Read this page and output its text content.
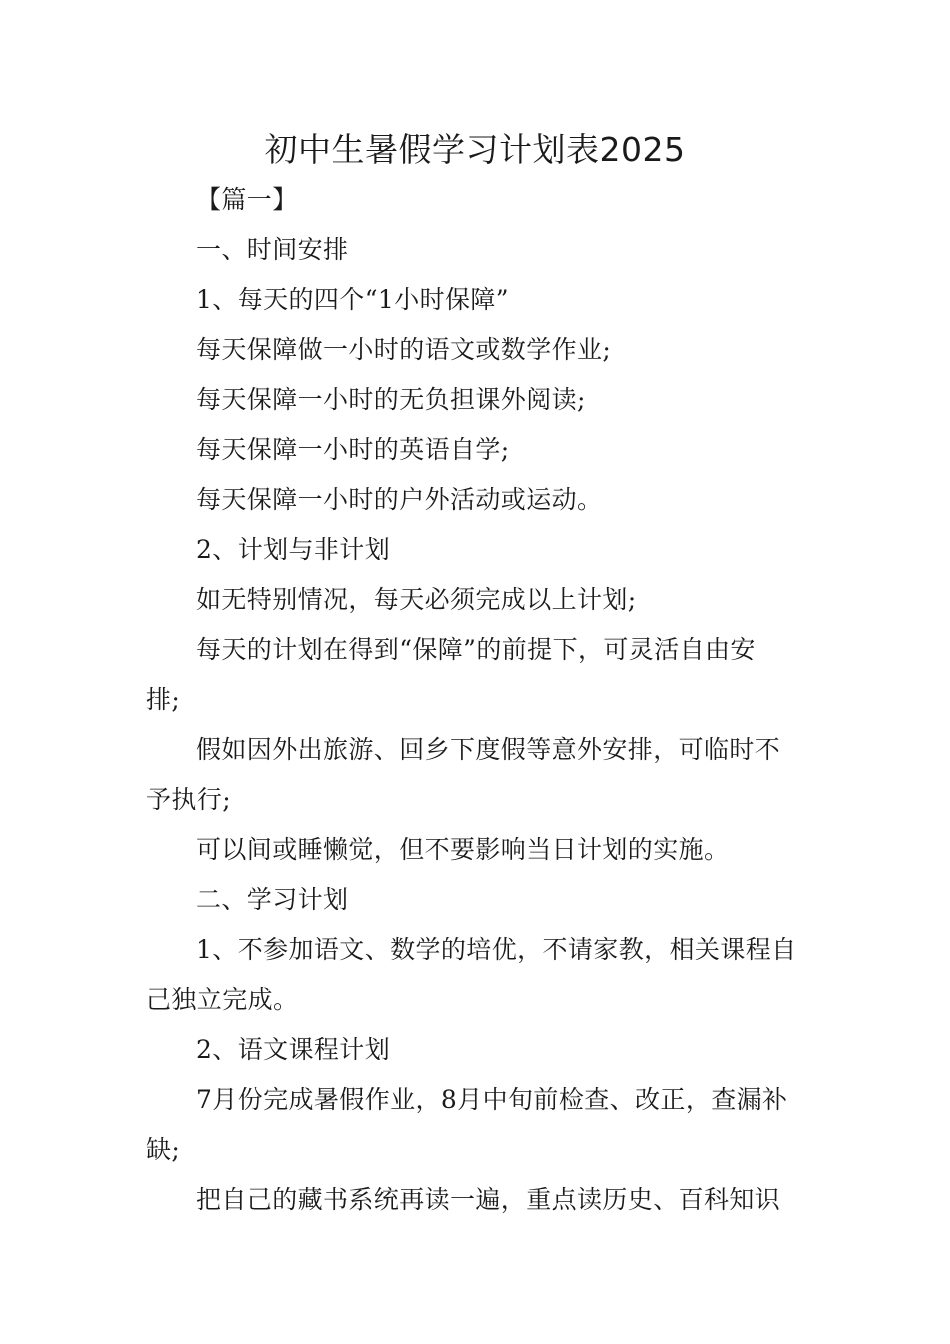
初中生暑假学习计划表2025

【篇一】

一、时间安排

1、每天的四个“1小时保障”

每天保障做一小时的语文或数学作业;

每天保障一小时的无负担课外阅读;

每天保障一小时的英语自学;

每天保障一小时的户外活动或运动。

2、计划与非计划

如无特别情况，每天必须完成以上计划;

每天的计划在得到“保障”的前提下，可灵活自由安

排;

假如因外出旅游、回乡下度假等意外安排，可临时不

予执行;

可以间或睡懒觉，但不要影响当日计划的实施。

二、学习计划

1、不参加语文、数学的培优，不请家教，相关课程自

己独立完成。

2、语文课程计划

7月份完成暑假作业，8月中旬前检查、改正，查漏补

缺;

把自己的藏书系统再读一遍，重点读历史、百科知识
